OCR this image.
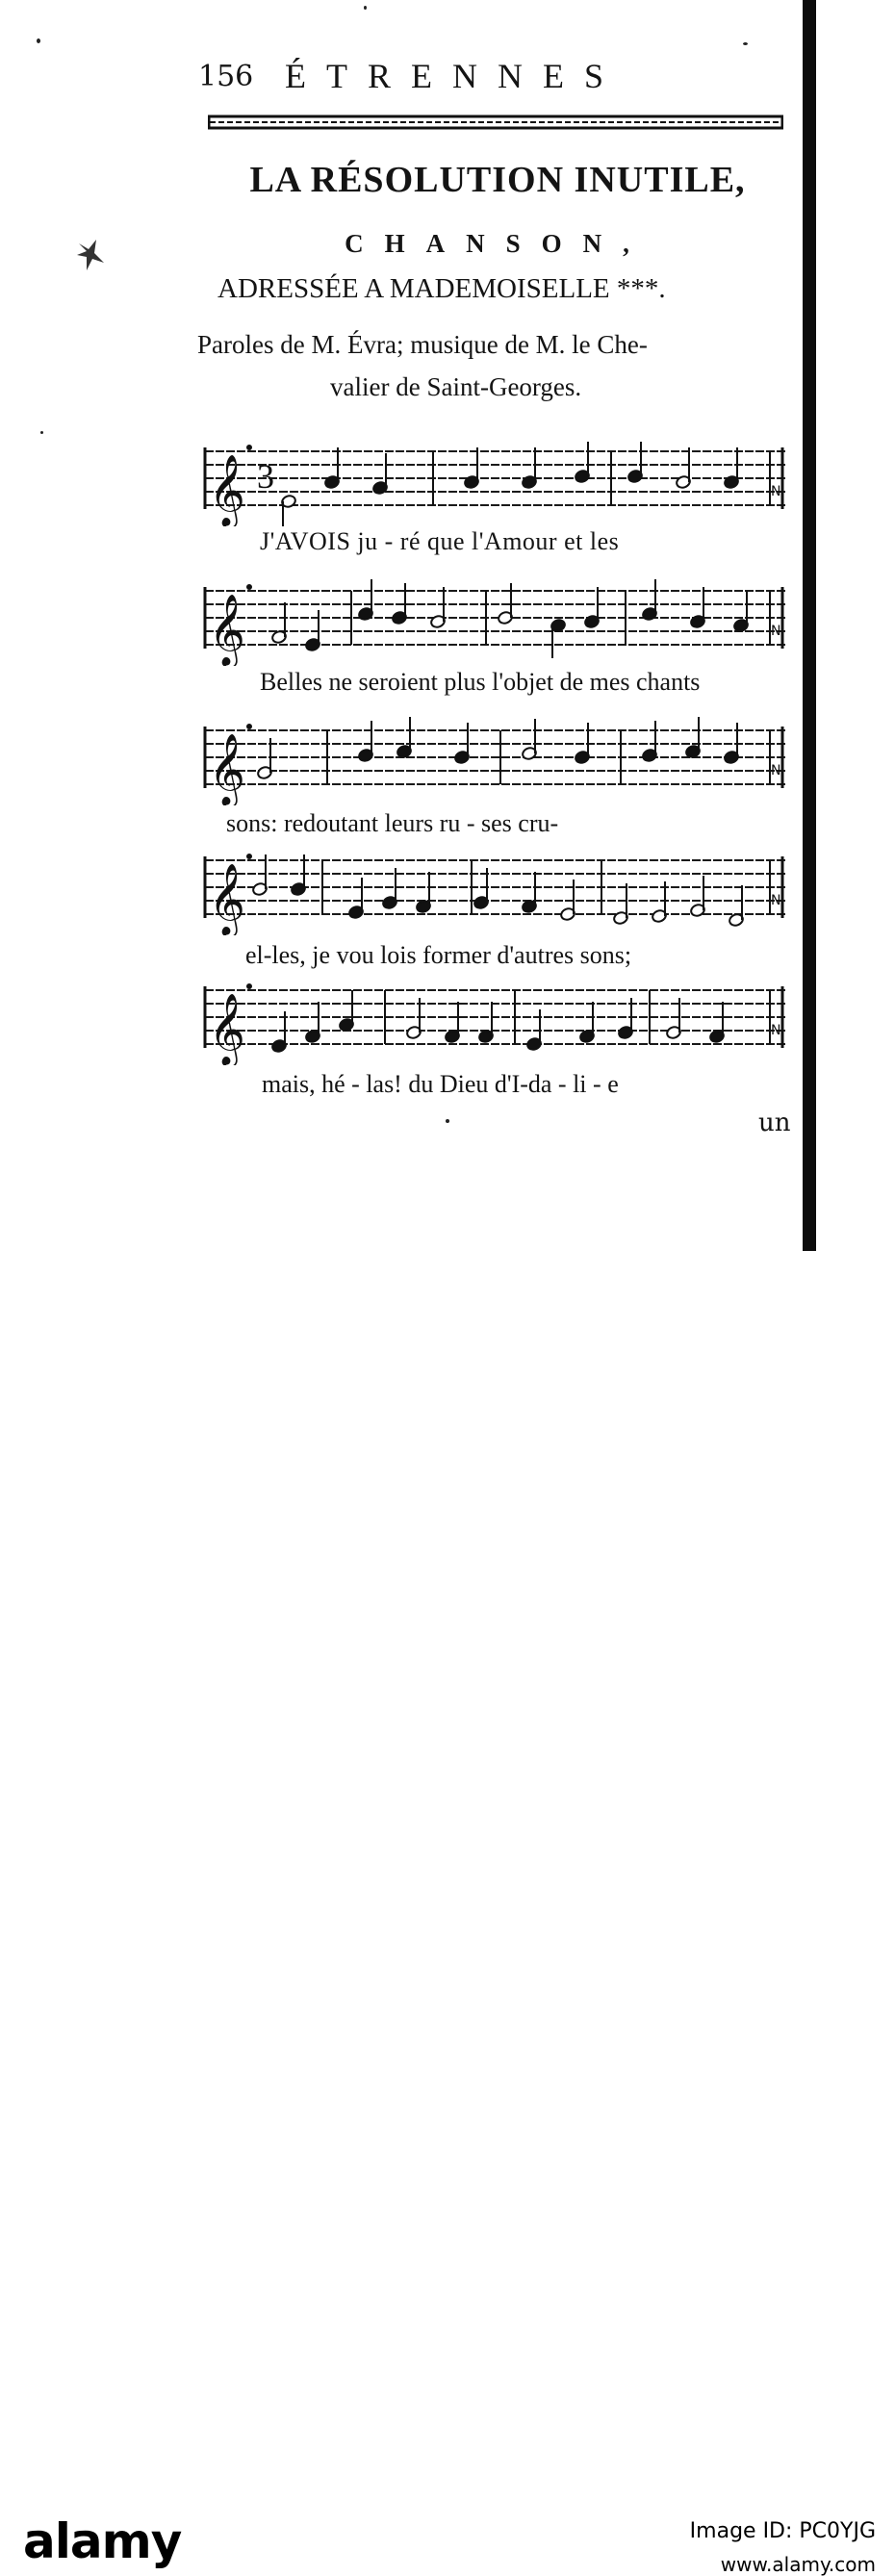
156 ÉTRENNES
LA RÉSOLUTION INUTILE,
CHANSON,
ADRESSÉE A MADEMOISELLE ***.
Paroles de M. Évra; musique de M. le Che-
valier de Saint-Georges.
𝄞 3	N
J'AVOIS ju - ré que l'Amour et les
𝄞	N
Belles ne seroient plus l'objet de mes chants
𝄞	N
sons: redoutant leurs ru - ses cru-
𝄞	N
el-les, je vou lois former d'autres sons;
𝄞	N
mais, hé - las! du Dieu d'I-da - li - e
un
alamy	Image ID: PC0YJG
www.alamy.com
